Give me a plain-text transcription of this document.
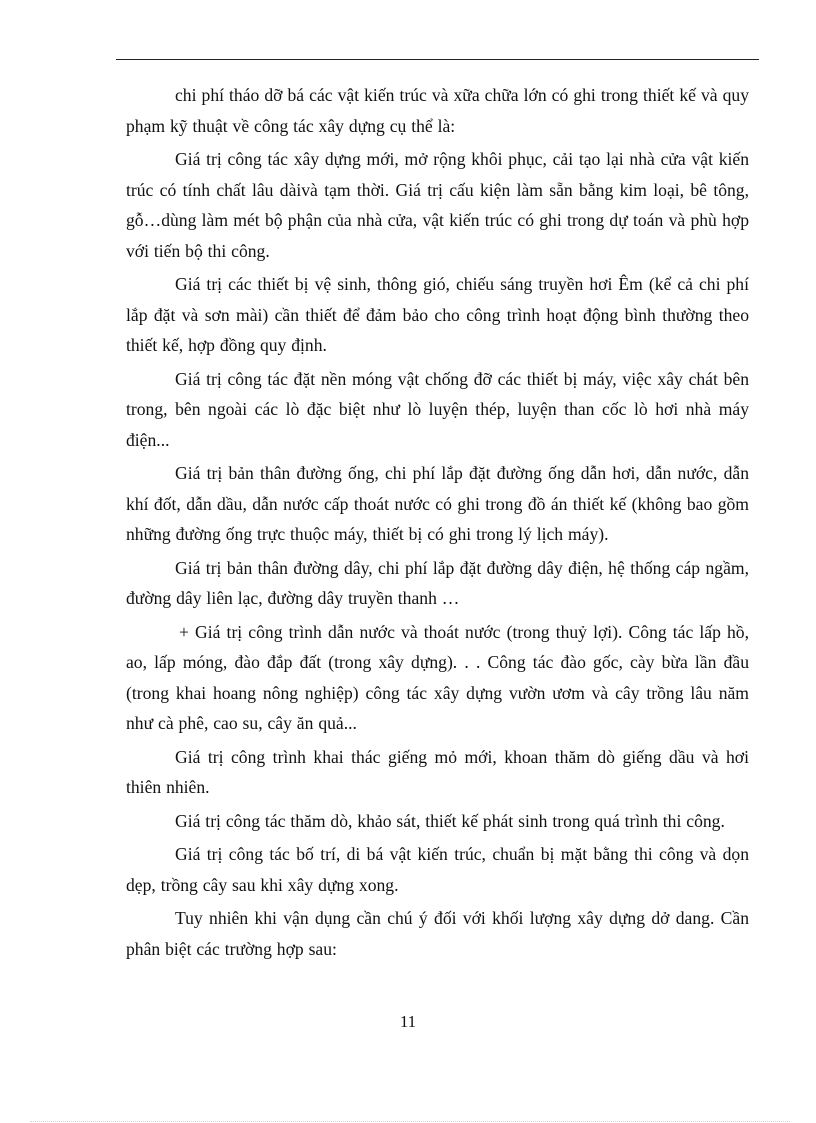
chi phí tháo dỡ bá các vật kiến trúc và xữa chữa lớn có ghi trong thiết kế và quy phạm kỹ thuật về công tác xây dựng cụ thể là:

Giá trị công tác xây dựng mới, mở rộng khôi phục, cải tạo lại nhà cửa vật kiến trúc có tính chất lâu dàivà tạm thời. Giá trị cấu kiện làm sẵn bằng kim loại, bê tông, gỗ…dùng làm mét bộ phận của nhà cửa, vật kiến trúc có ghi trong dự toán và phù hợp với tiến bộ thi công.

Giá trị các thiết bị vệ sinh, thông gió, chiếu sáng truyền hơi Êm (kể cả chi phí lắp đặt và sơn mài) cần thiết để đảm bảo cho công trình hoạt động bình thường theo thiết kế, hợp đồng quy định.

Giá trị công tác đặt nền móng vật chống đỡ các thiết bị máy, việc xây chát bên trong, bên ngoài các lò đặc biệt như lò luyện thép, luyện than cốc lò hơi nhà máy điện...

Giá trị bản thân đường ống, chi phí lắp đặt đường ống dẫn hơi, dẫn nước, dẫn khí đốt, dẫn dầu, dẫn nước cấp thoát nước có ghi trong đồ án thiết kế (không bao gồm những đường ống trực thuộc máy, thiết bị có ghi trong lý lịch máy).

Giá trị bản thân đường dây, chi phí lắp đặt đường dây điện, hệ thống cáp ngầm, đường dây liên lạc, đường dây truyền thanh …

+ Giá trị công trình dẫn nước và thoát nước (trong thuỷ lợi). Công tác lấp hồ, ao, lấp móng, đào đắp đất (trong xây dựng). . . Công tác đào gốc, cày bừa lần đầu (trong khai hoang nông nghiệp) công tác xây dựng vườn ươm và cây trồng lâu năm như cà phê, cao su, cây ăn quả...

Giá trị công trình khai thác giếng mỏ mới, khoan thăm dò giếng dầu và hơi thiên nhiên.

Giá trị công tác thăm dò, khảo sát, thiết kế phát sinh trong quá trình thi công.

Giá trị công tác bố trí, di bá vật kiến trúc, chuẩn bị mặt bằng thi công và dọn dẹp, trồng cây sau khi xây dựng xong.

Tuy nhiên khi vận dụng cần chú ý đối với khối lượng xây dựng dở dang. Cần phân biệt các trường hợp sau:

11
